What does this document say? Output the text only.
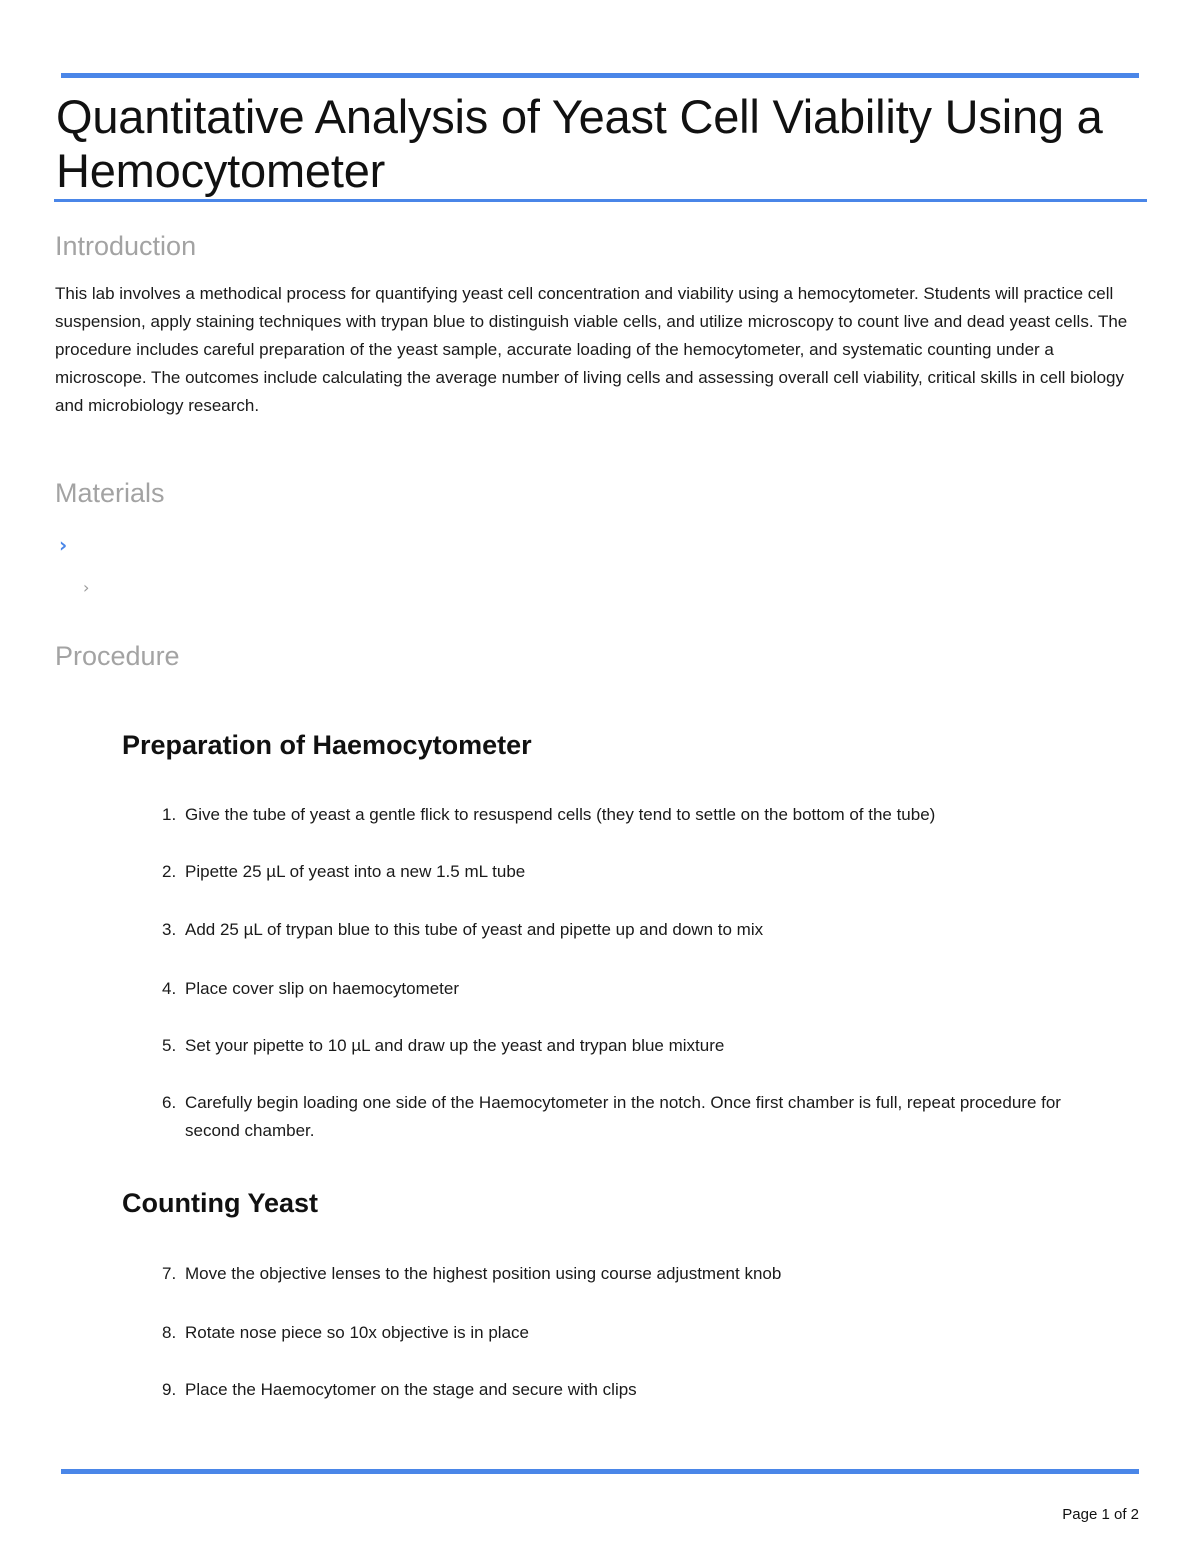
Quantitative Analysis of Yeast Cell Viability Using a Hemocytometer
Introduction

This lab involves a methodical process for quantifying yeast cell concentration and viability using a hemocytometer. Students will practice cell suspension, apply staining techniques with trypan blue to distinguish viable cells, and utilize microscopy to count live and dead yeast cells. The procedure includes careful preparation of the yeast sample, accurate loading of the hemocytometer, and systematic counting under a microscope. The outcomes include calculating the average number of living cells and assessing overall cell viability, critical skills in cell biology and microbiology research.

Materials
›
›
Procedure
Preparation of Haemocytometer
1. Give the tube of yeast a gentle flick to resuspend cells (they tend to settle on the bottom of the tube)
2. Pipette 25 µL of yeast into a new 1.5 mL tube
3. Add 25 µL of trypan blue to this tube of yeast and pipette up and down to mix
4. Place cover slip on haemocytometer
5. Set your pipette to 10 µL and draw up the yeast and trypan blue mixture
6. Carefully begin loading one side of the Haemocytometer in the notch. Once first chamber is full, repeat procedure for second chamber.
Counting Yeast
7. Move the objective lenses to the highest position using course adjustment knob
8. Rotate nose piece so 10x objective is in place
9. Place the Haemocytomer on the stage and secure with clips
Page 1 of 2
